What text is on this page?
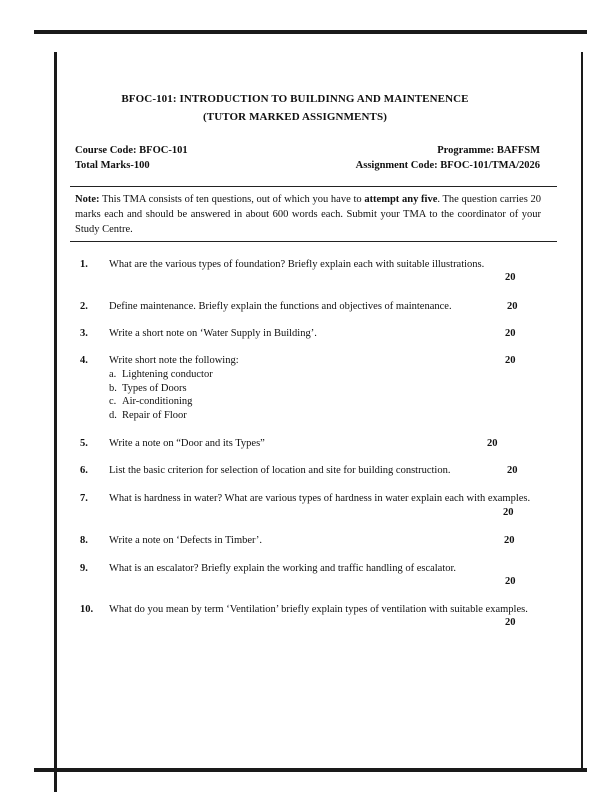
BFOC-101: INTRODUCTION TO BUILDINNG AND MAINTENENCE
(TUTOR MARKED ASSIGNMENTS)
Course Code: BFOC-101	Programme: BAFFSM
Total Marks-100	Assignment Code: BFOC-101/TMA/2026
Note: This TMA consists of ten questions, out of which you have to attempt any five. The question carries 20 marks each and should be answered in about 600 words each. Submit your TMA to the coordinator of your Study Centre.
1. What are the various types of foundation? Briefly explain each with suitable illustrations.
20
2. Define maintenance. Briefly explain the functions and objectives of maintenance.	20
3. Write a short note on ‘Water Supply in Building’.	20
4. Write short note the following:	20
a. Lightening conductor
b. Types of Doors
c. Air-conditioning
d. Repair of Floor
5. Write a note on “Door and its Types”	20
6. List the basic criterion for selection of location and site for building construction.	20
7. What is hardness in water? What are various types of hardness in water explain each with examples.
20
8. Write a note on ‘Defects in Timber’.	20
9. What is an escalator? Briefly explain the working and traffic handling of escalator.
20
10. What do you mean by term ‘Ventilation’ briefly explain types of ventilation with suitable examples.
20
